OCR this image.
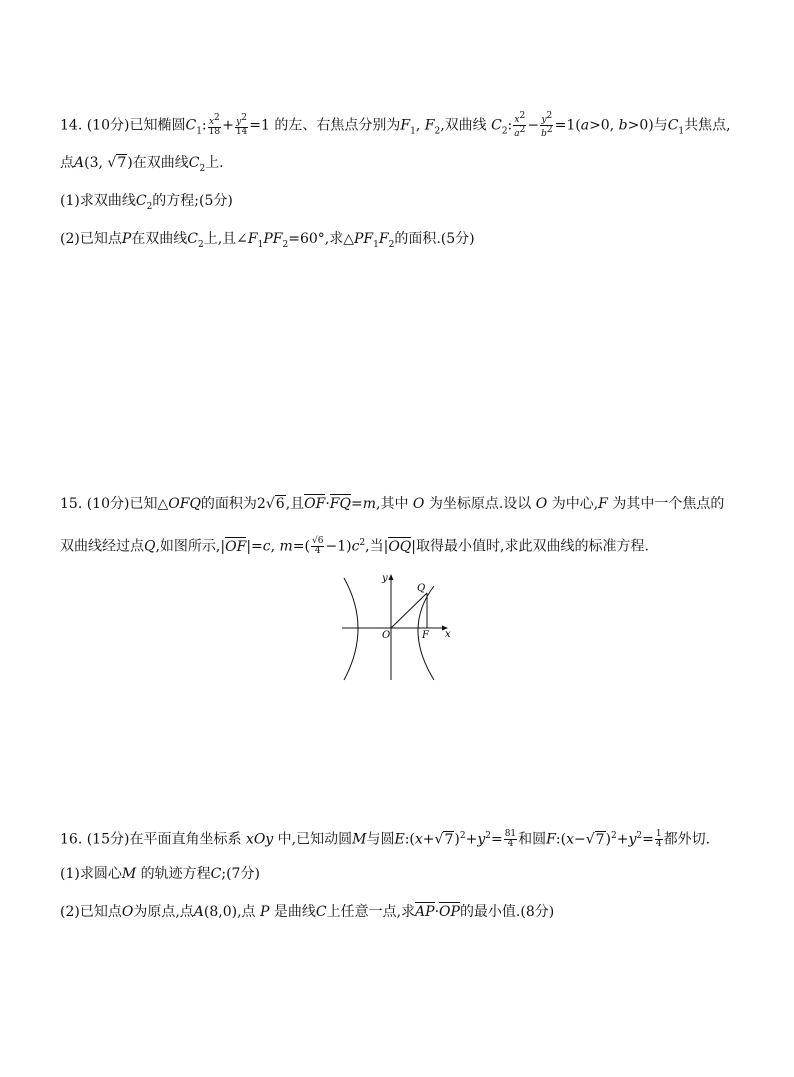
14. (10分)已知椭圆$C_1$: $\frac{x^2}{18} + \frac{y^2}{14} =1$ 的左、右焦点分别为$F_1$, $F_2$,双曲线 $C_2$: $\frac{x^2}{a^2} - \frac{y^2}{b^2} =1(a>0$, b>0)与$C_1$共焦点,
点A(3, √7)在双曲线$C_2$上.
(1)求双曲线$C_2$的方程;(5分)
(2)已知点P在双曲线$C_2$上,且$\angle F_1PF_2=60^\circ$,求$\triangle PF_1F_2$的面积.(5分)
15. (10分)已知△OFQ的面积为2√6,且OF·FQ=m,其中 O 为坐标原点.设以 O 为中心,F 为其中一个焦点的
双曲线经过点Q,如图所示,|OF|=c, $m=( \frac{√6}{4} -1)c^2$,当|OQ|取得最小值时,求此双曲线的标准方程.
y
x
O	F
Q
16. (15分)在平面直角坐标系 xOy 中,已知动圆M与圆$E:(x+√7)^2+y^2= \frac{81}{4}$ 和圆$F:(x-√7)^2+y^2= \frac{1}{4}$ 都外切.
(1)求圆心M 的轨迹方程C;(7分)
(2)已知点O为原点,点A(8,0),点 P 是曲线C上任意一点,求AP·OP的最小值.(8分)
